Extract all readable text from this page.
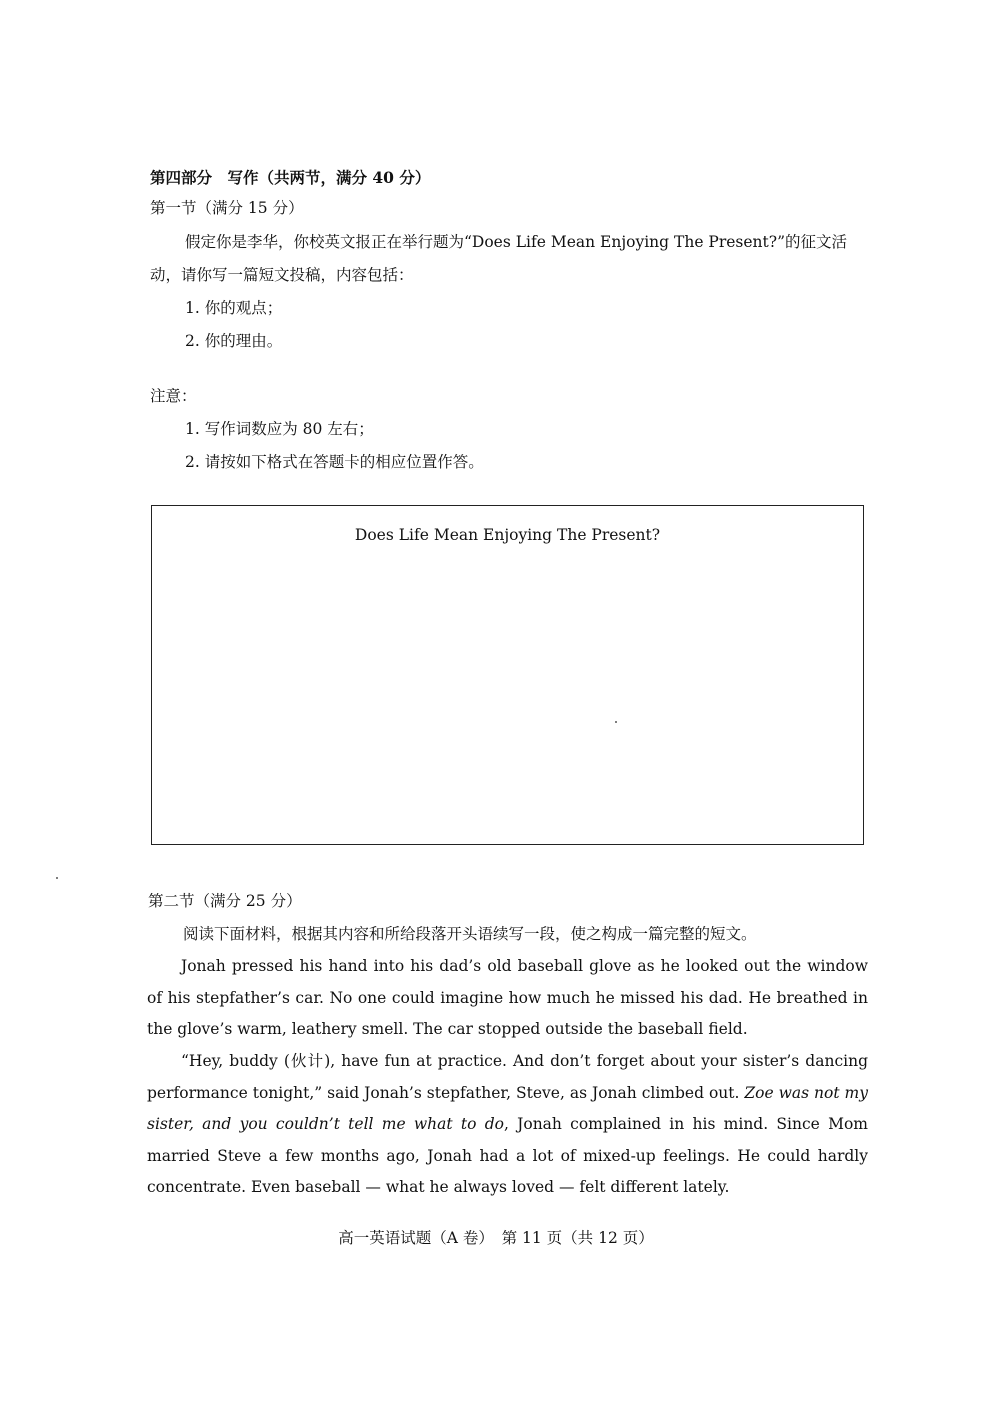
第四部分　写作（共两节，满分 40 分）
第一节（满分 15 分）
假定你是李华，你校英文报正在举行题为“Does Life Mean Enjoying The Present?”的征文活
动，请你写一篇短文投稿，内容包括：
1. 你的观点；
2. 你的理由。
注意：
1. 写作词数应为 80 左右；
2. 请按如下格式在答题卡的相应位置作答。
Does Life Mean Enjoying The Present?
第二节（满分 25 分）
阅读下面材料，根据其内容和所给段落开头语续写一段，使之构成一篇完整的短文。
Jonah pressed his hand into his dad’s old baseball glove as he looked out the window of his stepfather’s car. No one could imagine how much he missed his dad. He breathed in the glove’s warm, leathery smell. The car stopped outside the baseball field.
“Hey, buddy (伙计), have fun at practice. And don’t forget about your sister’s dancing performance tonight,” said Jonah’s stepfather, Steve, as Jonah climbed out. Zoe was not my sister, and you couldn’t tell me what to do, Jonah complained in his mind. Since Mom married Steve a few months ago, Jonah had a lot of mixed-up feelings. He could hardly concentrate. Even baseball — what he always loved — felt different lately.
高一英语试题（A 卷）　第 11 页（共 12 页）
